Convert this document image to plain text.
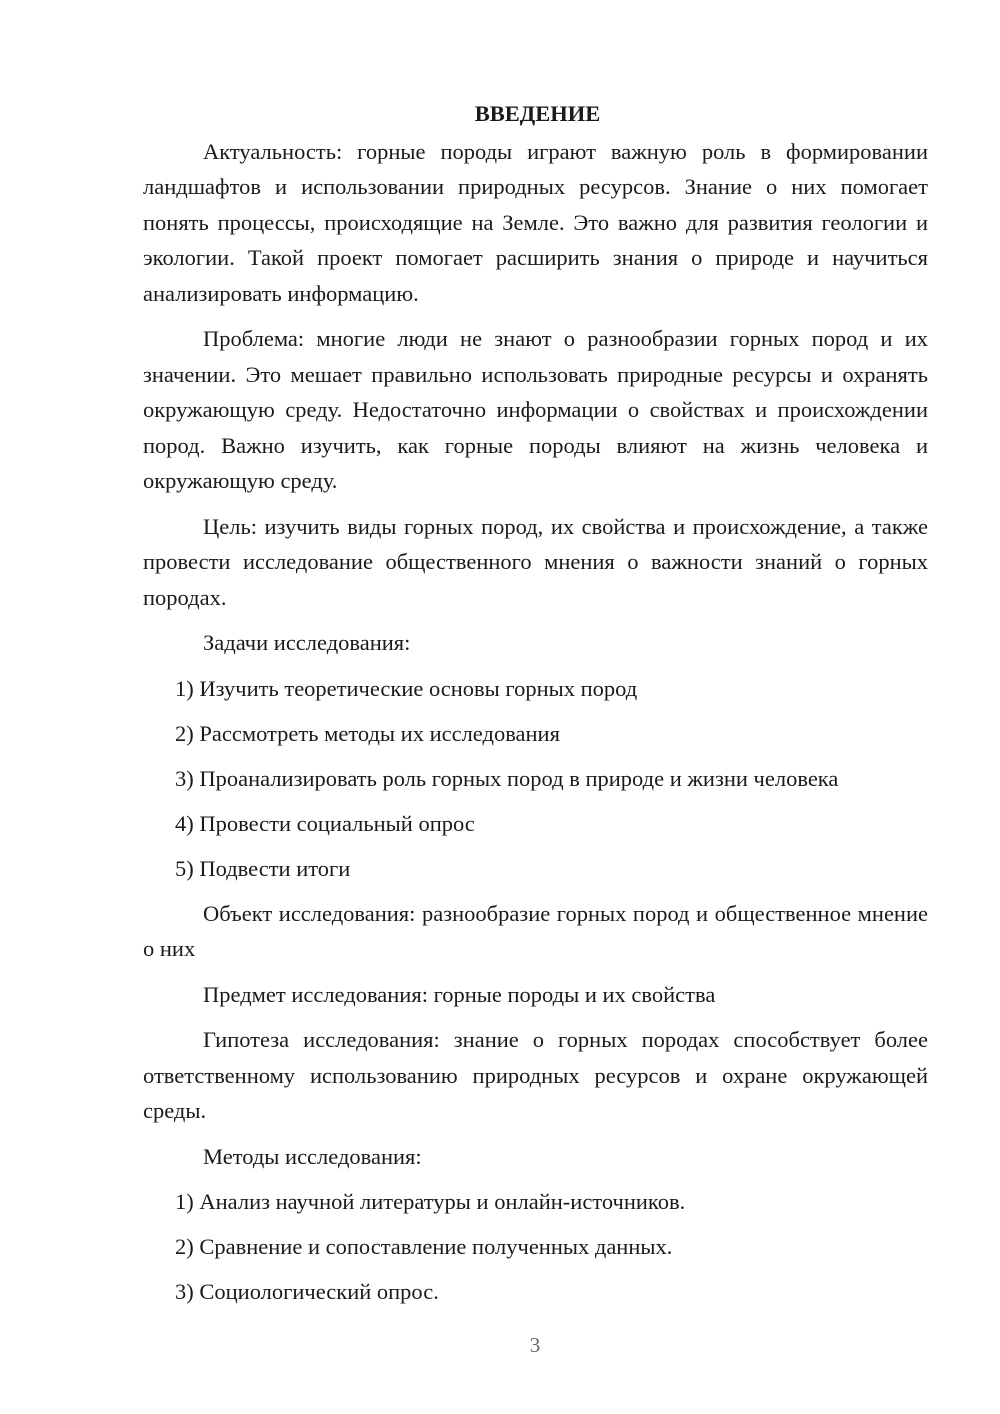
ВВЕДЕНИЕ

Актуальность: горные породы играют важную роль в формировании ландшафтов и использовании природных ресурсов. Знание о них помогает понять процессы, происходящие на Земле. Это важно для развития геологии и экологии. Такой проект помогает расширить знания о природе и научиться анализировать информацию.

Проблема: многие люди не знают о разнообразии горных пород и их значении. Это мешает правильно использовать природные ресурсы и охранять окружающую среду. Недостаточно информации о свойствах и происхождении пород. Важно изучить, как горные породы влияют на жизнь человека и окружающую среду.

Цель: изучить виды горных пород, их свойства и происхождение, а также провести исследование общественного мнения о важности знаний о горных породах.

Задачи исследования:
1) Изучить теоретические основы горных пород
2) Рассмотреть методы их исследования
3) Проанализировать роль горных пород в природе и жизни человека
4) Провести социальный опрос
5) Подвести итоги

Объект исследования: разнообразие горных пород и общественное мнение о них

Предмет исследования: горные породы и их свойства

Гипотеза исследования: знание о горных породах способствует более ответственному использованию природных ресурсов и охране окружающей среды.

Методы исследования:
1) Анализ научной литературы и онлайн-источников.
2) Сравнение и сопоставление полученных данных.
3) Социологический опрос.
3
